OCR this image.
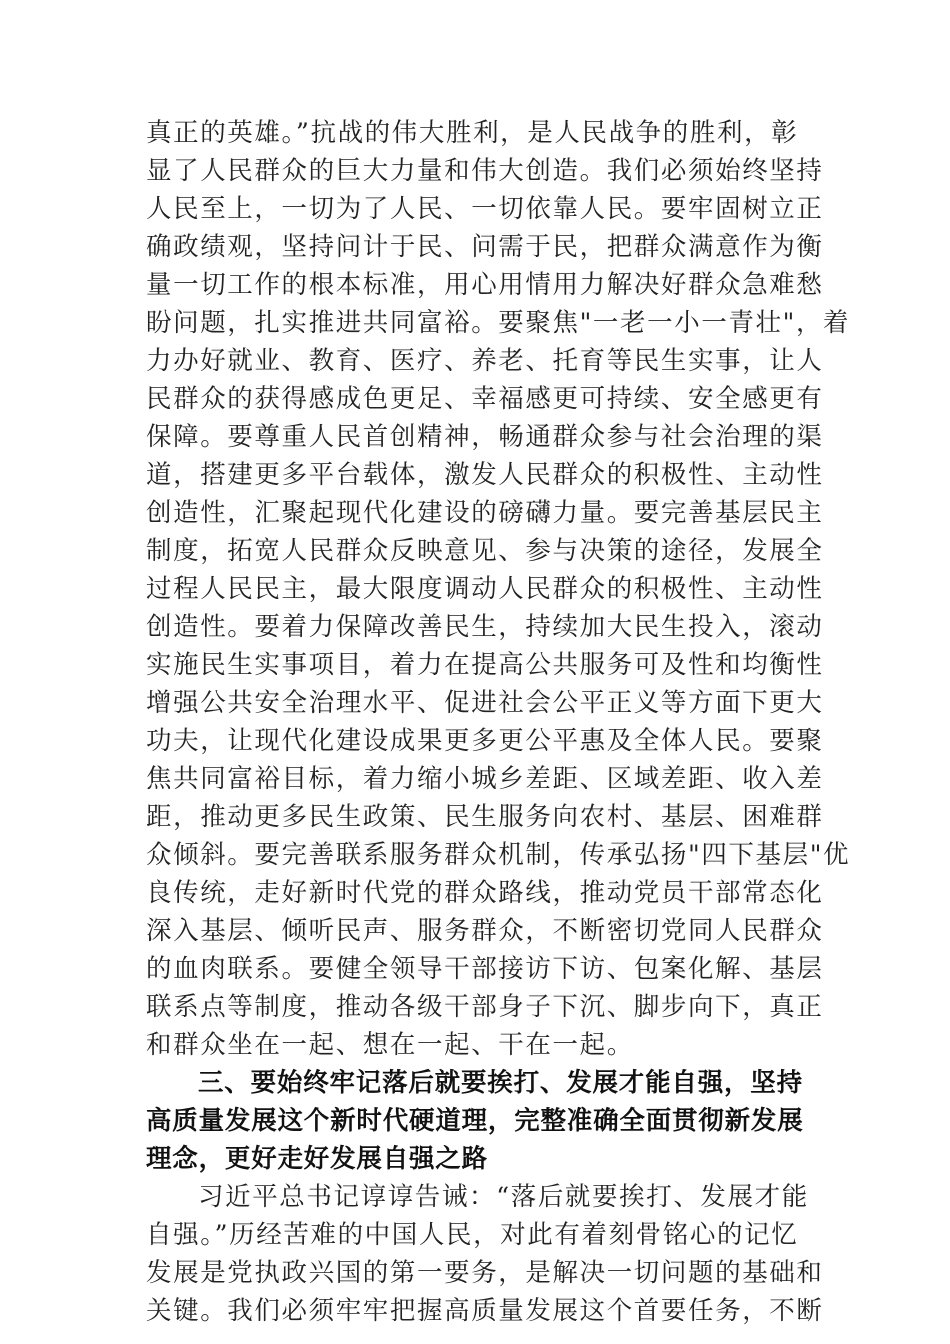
真正的英雄。”抗战的伟大胜利，是人民战争的胜利，彰
显了人民群众的巨大力量和伟大创造。我们必须始终坚持
人民至上，一切为了人民、一切依靠人民。要牢固树立正
确政绩观，坚持问计于民、问需于民，把群众满意作为衡
量一切工作的根本标准，用心用情用力解决好群众急难愁
盼问题，扎实推进共同富裕。要聚焦"一老一小一青壮"，着
力办好就业、教育、医疗、养老、托育等民生实事，让人
民群众的获得感成色更足、幸福感更可持续、安全感更有
保障。要尊重人民首创精神，畅通群众参与社会治理的渠
道，搭建更多平台载体，激发人民群众的积极性、主动性
创造性，汇聚起现代化建设的磅礴力量。要完善基层民主
制度，拓宽人民群众反映意见、参与决策的途径，发展全
过程人民民主，最大限度调动人民群众的积极性、主动性
创造性。要着力保障改善民生，持续加大民生投入，滚动
实施民生实事项目，着力在提高公共服务可及性和均衡性
增强公共安全治理水平、促进社会公平正义等方面下更大
功夫，让现代化建设成果更多更公平惠及全体人民。要聚
焦共同富裕目标，着力缩小城乡差距、区域差距、收入差
距，推动更多民生政策、民生服务向农村、基层、困难群
众倾斜。要完善联系服务群众机制，传承弘扬"四下基层"优
良传统，走好新时代党的群众路线，推动党员干部常态化
深入基层、倾听民声、服务群众，不断密切党同人民群众
的血肉联系。要健全领导干部接访下访、包案化解、基层
联系点等制度，推动各级干部身子下沉、脚步向下，真正
和群众坐在一起、想在一起、干在一起。
三、要始终牢记落后就要挨打、发展才能自强，坚持
高质量发展这个新时代硬道理，完整准确全面贯彻新发展
理念，更好走好发展自强之路
习近平总书记谆谆告诫：“落后就要挨打、发展才能
自强。”历经苦难的中国人民，对此有着刻骨铭心的记忆
发展是党执政兴国的第一要务，是解决一切问题的基础和
关键。我们必须牢牢把握高质量发展这个首要任务，不断
